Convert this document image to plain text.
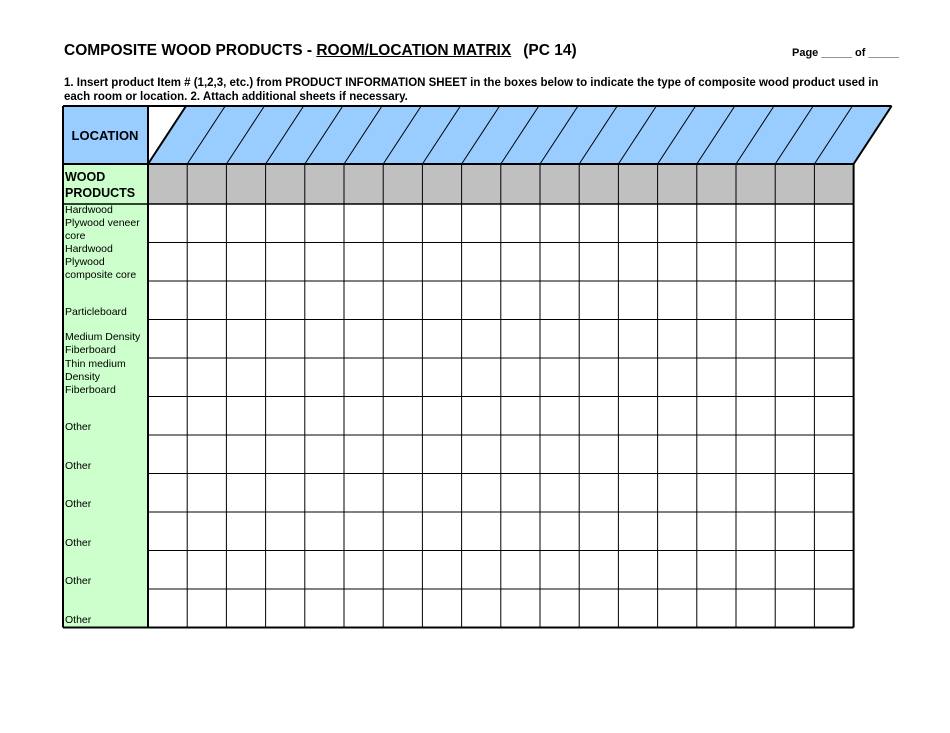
COMPOSITE WOOD PRODUCTS - ROOM/LOCATION MATRIX (PC 14)	Page _____ of _____
1. Insert product Item # (1,2,3, etc.) from PRODUCT INFORMATION SHEET in the boxes below to indicate the type of composite wood product used in each room or location. 2. Attach additional sheets if necessary.
LOCATION
WOOD PRODUCTS
Hardwood Plywood veneer core
Hardwood Plywood composite core
Particleboard
Medium Density Fiberboard
Thin medium Density Fiberboard
Other
Other
Other
Other
Other
Other
